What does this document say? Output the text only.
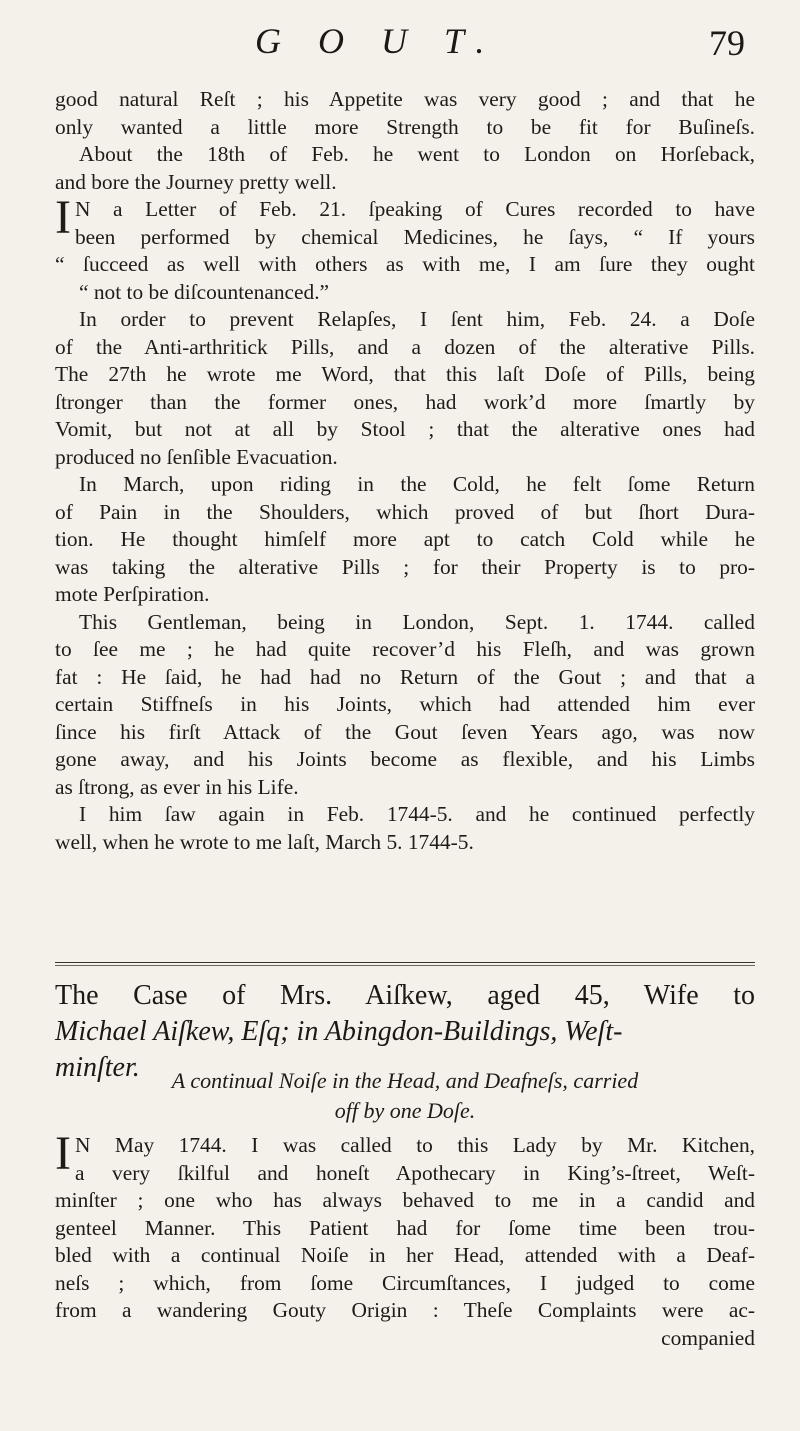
G O U T.	79
good natural Reſt ; his Appetite was very good ; and that he
only wanted a little more Strength to be fit for Buſineſs.
About the 18th of Feb. he went to London on Horſeback,
and bore the Journey pretty well.
I N a Letter of Feb. 21. ſpeaking of Cures recorded to have
been performed by chemical Medicines, he ſays, “ If yours
“ ſucceed as well with others as with me, I am ſure they ought
“ not to be diſcountenanced.”
In order to prevent Relapſes, I ſent him, Feb. 24. a Doſe
of the Anti-arthritick Pills, and a dozen of the alterative Pills.
The 27th he wrote me Word, that this laſt Doſe of Pills, being
ſtronger than the former ones, had work’d more ſmartly by
Vomit, but not at all by Stool ; that the alterative ones had
produced no ſenſible Evacuation.
In March, upon riding in the Cold, he felt ſome Return
of Pain in the Shoulders, which proved of but ſhort Dura-
tion. He thought himſelf more apt to catch Cold while he
was taking the alterative Pills ; for their Property is to pro-
mote Perſpiration.
This Gentleman, being in London, Sept. 1. 1744. called
to ſee me ; he had quite recover’d his Fleſh, and was grown
fat : He ſaid, he had had no Return of the Gout ; and that a
certain Stiffneſs in his Joints, which had attended him ever
ſince his firſt Attack of the Gout ſeven Years ago, was now
gone away, and his Joints become as flexible, and his Limbs
as ſtrong, as ever in his Life.
I him ſaw again in Feb. 1744-5. and he continued perfectly
well, when he wrote to me laſt, March 5. 1744-5.
The Case of Mrs. Aiſkew, aged 45, Wife to
Michael Aiſkew, Eſq; in Abingdon-Buildings, Weſt-
minſter.	A continual Noiſe in the Head, and Deafneſs, carried
off by one Doſe.
I N May 1744. I was called to this Lady by Mr. Kitchen,
a very ſkilful and honeſt Apothecary in King’s-ſtreet, Weſt-
minſter ; one who has always behaved to me in a candid and
genteel Manner. This Patient had for ſome time been trou-
bled with a continual Noiſe in her Head, attended with a Deaf-
neſs ; which, from ſome Circumſtances, I judged to come
from a wandering Gouty Origin : Theſe Complaints were ac-
companied
